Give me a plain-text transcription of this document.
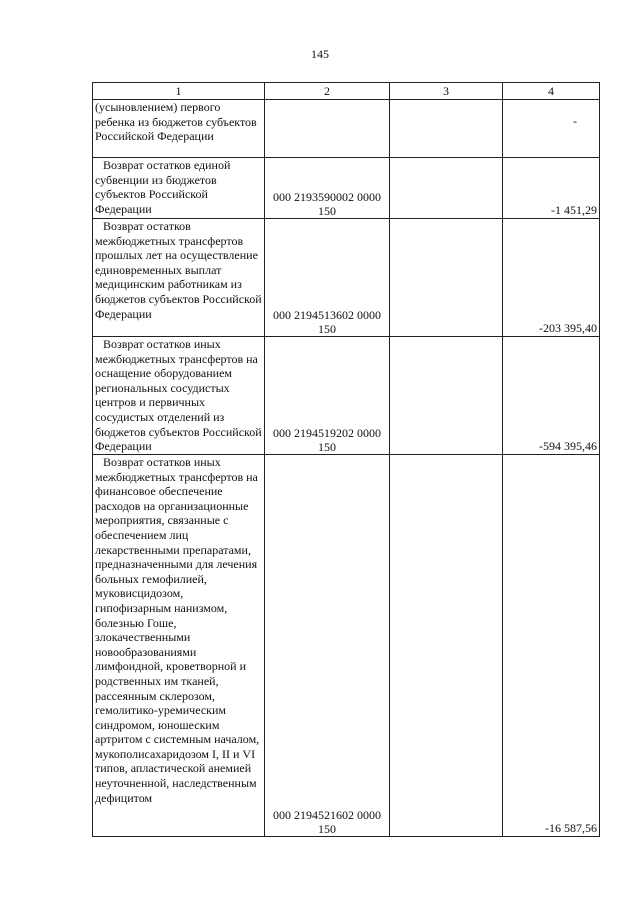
145
1	2	3	4
(усыновлением) первого ребенка из бюджетов субъектов Российской Федерации			-

Возврат остатков единой субвенции из бюджетов субъектов Российской Федерации	000 2193590002 0000 150		-1 451,29
Возврат остатков межбюджетных трансфертов прошлых лет на осуществление единовременных выплат медицинским работникам из бюджетов субъектов Российской Федерации	000 2194513602 0000 150		-203 395,40
Возврат остатков иных межбюджетных трансфертов на оснащение оборудованием региональных сосудистых центров и первичных сосудистых отделений из бюджетов субъектов Российской Федерации	000 2194519202 0000 150		-594 395,46
Возврат остатков иных межбюджетных трансфертов на финансовое обеспечение расходов на организационные мероприятия, связанные с обеспечением лиц лекарственными препаратами, предназначенными для лечения больных гемофилией, муковисцидозом, гипофизарным нанизмом, болезнью Гоше, злокачественными новообразованиями лимфоидной, кроветворной и родственных им тканей, рассеянным склерозом, гемолитико-уремическим синдромом, юношеским артритом с системным началом, мукополисахаридозом I, II и VI типов, апластической анемией неуточненной, наследственным дефицитом	000 2194521602 0000 150		-16 587,56
